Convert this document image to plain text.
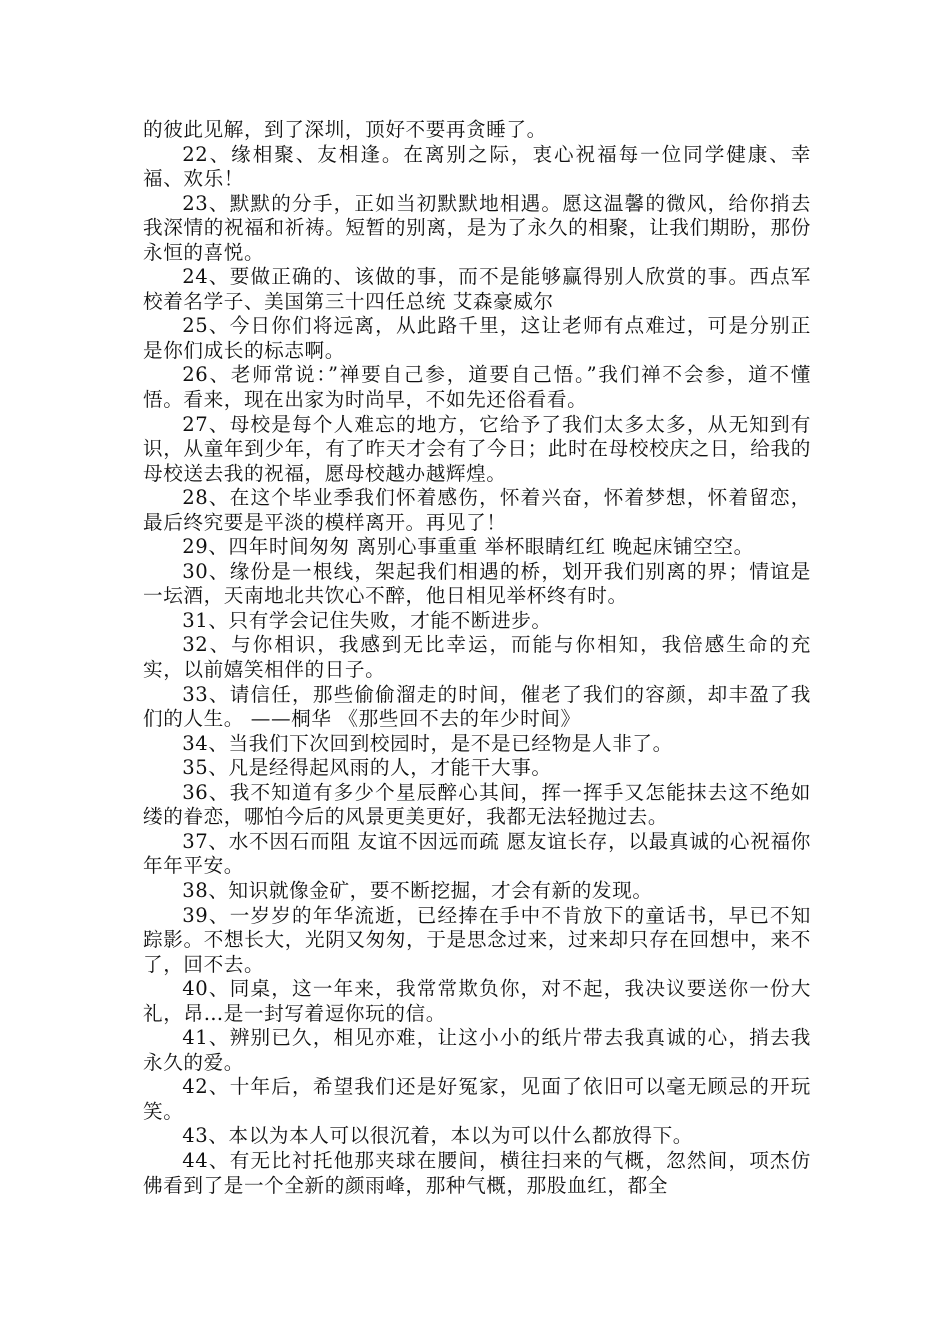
的彼此见解，到了深圳，顶好不要再贪睡了。

22、缘相聚、友相逢。在离别之际，衷心祝福每一位同学健康、幸福、欢乐！

23、默默的分手，正如当初默默地相遇。愿这温馨的微风，给你捎去我深情的祝福和祈祷。短暂的别离，是为了永久的相聚，让我们期盼，那份永恒的喜悦。

24、要做正确的、该做的事，而不是能够赢得别人欣赏的事。西点军校着名学子、美国第三十四任总统 艾森豪威尔

25、今日你们将远离，从此路千里，这让老师有点难过，可是分别正是你们成长的标志啊。

26、老师常说：”禅要自己参，道要自己悟。”我们禅不会参，道不懂悟。看来，现在出家为时尚早，不如先还俗看看。

27、母校是每个人难忘的地方，它给予了我们太多太多，从无知到有识，从童年到少年，有了昨天才会有了今日；此时在母校校庆之日，给我的母校送去我的祝福，愿母校越办越辉煌。

28、在这个毕业季我们怀着感伤，怀着兴奋，怀着梦想，怀着留恋，最后终究要是平淡的模样离开。再见了！

29、四年时间匆匆 离别心事重重 举杯眼睛红红 晚起床铺空空。

30、缘份是一根线，架起我们相遇的桥，划开我们别离的界；情谊是一坛酒，天南地北共饮心不醉，他日相见举杯终有时。

31、只有学会记住失败，才能不断进步。

32、与你相识，我感到无比幸运，而能与你相知，我倍感生命的充实，以前嬉笑相伴的日子。

33、请信任，那些偷偷溜走的时间，催老了我们的容颜，却丰盈了我们的人生。 ——桐华 《那些回不去的年少时间》

34、当我们下次回到校园时，是不是已经物是人非了。

35、凡是经得起风雨的人，才能干大事。

36、我不知道有多少个星辰醉心其间，挥一挥手又怎能抹去这不绝如缕的眷恋，哪怕今后的风景更美更好，我都无法轻抛过去。

37、水不因石而阻 友谊不因远而疏 愿友谊长存，以最真诚的心祝福你年年平安。

38、知识就像金矿，要不断挖掘，才会有新的发现。

39、一岁岁的年华流逝，已经捧在手中不肯放下的童话书，早已不知踪影。不想长大，光阴又匆匆，于是思念过来，过来却只存在回想中，来不了，回不去。

40、同桌，这一年来，我常常欺负你，对不起，我决议要送你一份大礼，昂…是一封写着逗你玩的信。

41、辨别已久，相见亦难，让这小小的纸片带去我真诚的心，捎去我永久的爱。

42、十年后，希望我们还是好冤家，见面了依旧可以毫无顾忌的开玩笑。

43、本以为本人可以很沉着，本以为可以什么都放得下。

44、有无比衬托他那夹球在腰间，横往扫来的气概，忽然间，项杰仿佛看到了是一个全新的颜雨峰，那种气概，那股血红，都全
